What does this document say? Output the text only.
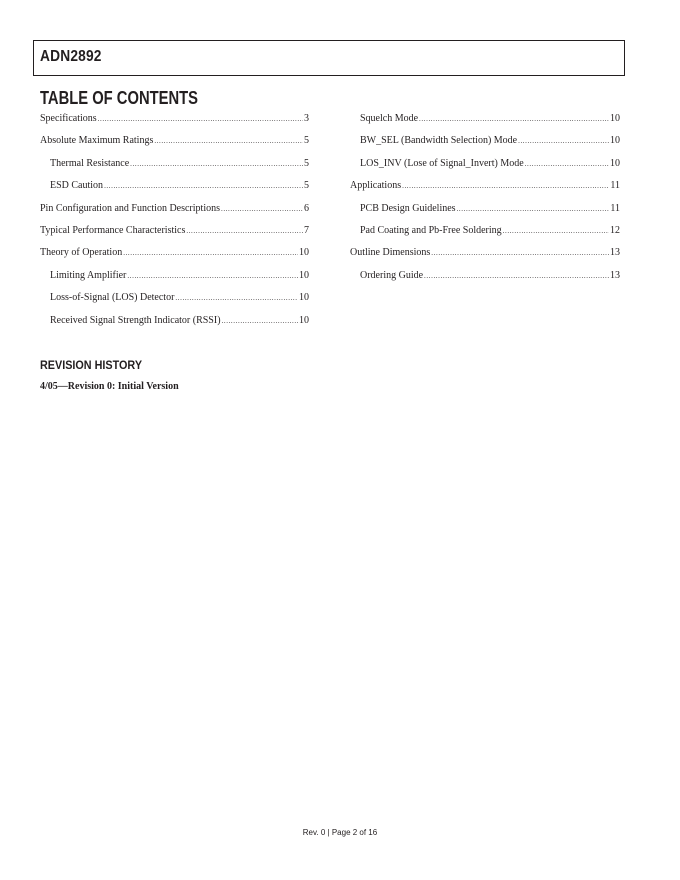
ADN2892
TABLE OF CONTENTS
Specifications .....	3
Absolute Maximum Ratings .....	5
Thermal Resistance .....	5
ESD Caution .....	5
Pin Configuration and Function Descriptions .....	6
Typical Performance Characteristics .....	7
Theory of Operation .....	10
Limiting Amplifier .....	10
Loss-of-Signal (LOS) Detector .....	10
Received Signal Strength Indicator (RSSI) .....	10
Squelch Mode .....	10
BW_SEL (Bandwidth Selection) Mode .....	10
LOS_INV (Lose of Signal_Invert) Mode .....	10
Applications .....	11
PCB Design Guidelines .....	11
Pad Coating and Pb-Free Soldering .....	12
Outline Dimensions .....	13
Ordering Guide .....	13
REVISION HISTORY
4/05—Revision 0: Initial Version
Rev. 0 | Page 2 of 16
